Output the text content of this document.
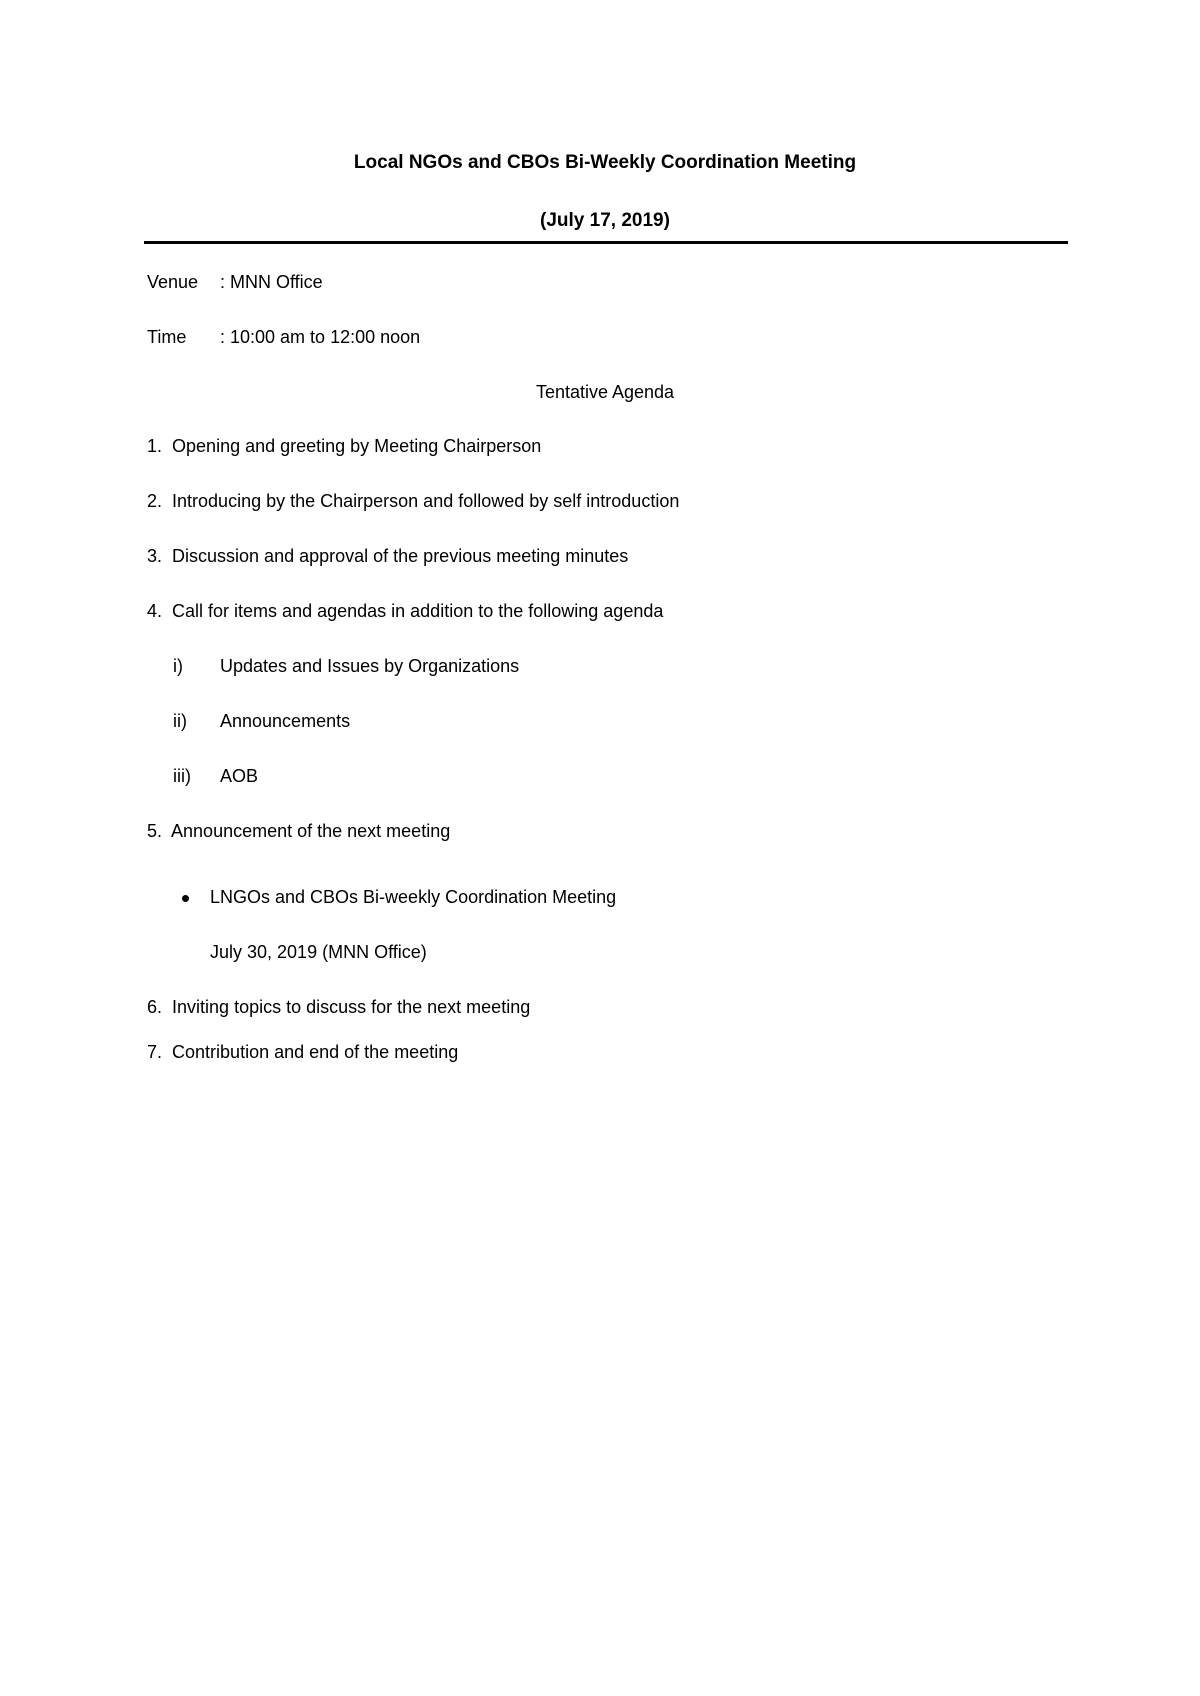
Local NGOs and CBOs Bi-Weekly Coordination Meeting
(July 17, 2019)
Venue	: MNN Office
Time	: 10:00 am to 12:00 noon
Tentative Agenda
1.  Opening and greeting by Meeting Chairperson
2.  Introducing by the Chairperson and followed by self introduction
3.  Discussion and approval of the previous meeting minutes
4.  Call for items and agendas in addition to the following agenda
i)	Updates and Issues by Organizations
ii)	Announcements
iii)	AOB
5.  Announcement of the next meeting
LNGOs and CBOs Bi-weekly Coordination Meeting
July 30, 2019 (MNN Office)
6.  Inviting topics to discuss for the next meeting
7.  Contribution and end of the meeting
